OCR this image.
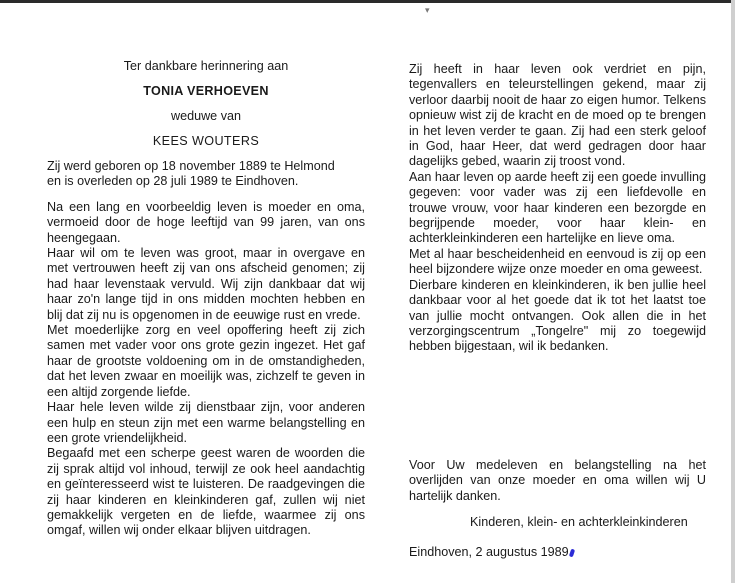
▾
Ter dankbare herinnering aan
TONIA VERHOEVEN
weduwe van
KEES WOUTERS
Zij werd geboren op 18 november 1889 te Helmond
en is overleden op 28 juli 1989 te Eindhoven.
Na een lang en voorbeeldig leven is moeder en oma, vermoeid door de hoge leeftijd van 99 jaren, van ons heengegaan.
Haar wil om te leven was groot, maar in overgave en met vertrouwen heeft zij van ons afscheid genomen; zij had haar levenstaak vervuld. Wij zijn dankbaar dat wij haar zo'n lange tijd in ons midden mochten hebben en blij dat zij nu is opgenomen in de eeuwige rust en vrede.
Met moederlijke zorg en veel opoffering heeft zij zich samen met vader voor ons grote gezin ingezet. Het gaf haar de grootste voldoening om in de omstandigheden, dat het leven zwaar en moeilijk was, zichzelf te geven in een altijd zorgende liefde.
Haar hele leven wilde zij dienstbaar zijn, voor anderen een hulp en steun zijn met een warme belangstelling en een grote vriendelijkheid.
Begaafd met een scherpe geest waren de woorden die zij sprak altijd vol inhoud, terwijl ze ook heel aandachtig en geïnteresseerd wist te luisteren. De raadgevingen die zij haar kinderen en kleinkinderen gaf, zullen wij niet gemakkelijk vergeten en de liefde, waarmee zij ons omgaf, willen wij onder elkaar blijven uitdragen.
Zij heeft in haar leven ook verdriet en pijn, tegenvallers en teleurstellingen gekend, maar zij verloor daarbij nooit de haar zo eigen humor. Telkens opnieuw wist zij de kracht en de moed op te brengen in het leven verder te gaan. Zij had een sterk geloof in God, haar Heer, dat werd gedragen door haar dagelijks gebed, waarin zij troost vond.
Aan haar leven op aarde heeft zij een goede invulling gegeven: voor vader was zij een liefdevolle en trouwe vrouw, voor haar kinderen een bezorgde en begrijpende moeder, voor haar klein- en achterkleinkinderen een hartelijke en lieve oma.
Met al haar bescheidenheid en eenvoud is zij op een heel bijzondere wijze onze moeder en oma geweest.
Dierbare kinderen en kleinkinderen, ik ben jullie heel dankbaar voor al het goede dat ik tot het laatst toe van jullie mocht ontvangen. Ook allen die in het verzorgingscentrum „Tongelre" mij zo toegewijd hebben bijgestaan, wil ik bedanken.
Voor Uw medeleven en belangstelling na het overlijden van onze moeder en oma willen wij U hartelijk danken.
Kinderen, klein- en achterkleinkinderen
Eindhoven, 2 augustus 1989
